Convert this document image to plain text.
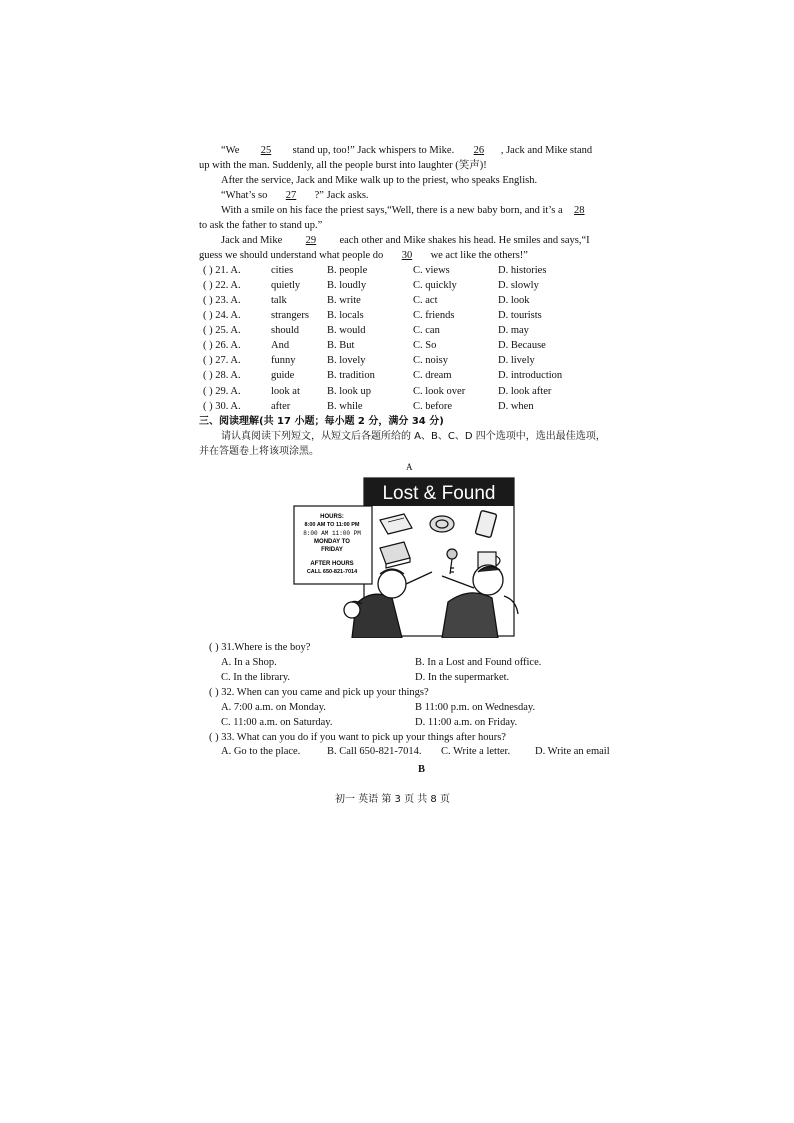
“We 25 stand up, too!” Jack whispers to Mike. 26 , Jack and Mike stand
up with the man. Suddenly, all the people burst into laughter (笑声)!
After the service, Jack and Mike walk up to the priest, who speaks English.
“What’s so 27 ?” Jack asks.
With a smile on his face the priest says,“Well, there is a new baby born, and it’s a 28
to ask the father to stand up.”
Jack and Mike 29 each other and Mike shakes his head. He smiles and says,“I
guess we should understand what people do 30 we act like the others!”
( ) 21. A.	cities	B. people	C. views	D. histories
( ) 22. A.	quietly	B. loudly	C. quickly	D. slowly
( ) 23. A.	talk	B. write	C. act	D. look
( ) 24. A.	strangers B. locals	C. friends	D. tourists
( ) 25. A.	should	B. would	C. can	D. may
( ) 26. A.	And	B. But	C. So	D. Because
( ) 27. A.	funny	B. lovely	C. noisy	D. lively
( ) 28. A.	guide	B. tradition	C. dream	D. introduction
( ) 29. A.	look at	B. look up	C. look over	D. look after
( ) 30. A.	after	B. while	C. before	D. when
三、阅读理解(共 17 小题；每小题 2 分，满分 34 分)
请认真阅读下列短文，从短文后各题所给的 A、B、C、D 四个选项中，选出最佳选项，
并在答题卷上将该项涂黑。
A
Lost & Found
HOURS:
8:00 AM TO 11:00 PM
8:00 AM 11:00 PM
MONDAY TO
FRIDAY
AFTER HOURS
CALL 650-821-7014
( ) 31.Where is the boy?
A. In a Shop.	B. In a Lost and Found office.
C. In the library.	D. In the supermarket.
( ) 32. When can you came and pick up your things?
A. 7:00 a.m. on Monday.	B 11:00 p.m. on Wednesday.
C. 11:00 a.m. on Saturday.	D. 11:00 a.m. on Friday.
( ) 33. What can you do if you want to pick up your things after hours?
A. Go to the place.	B. Call 650-821-7014. C. Write a letter. D. Write an email
B
初一 英语 第 3 页 共 8 页
